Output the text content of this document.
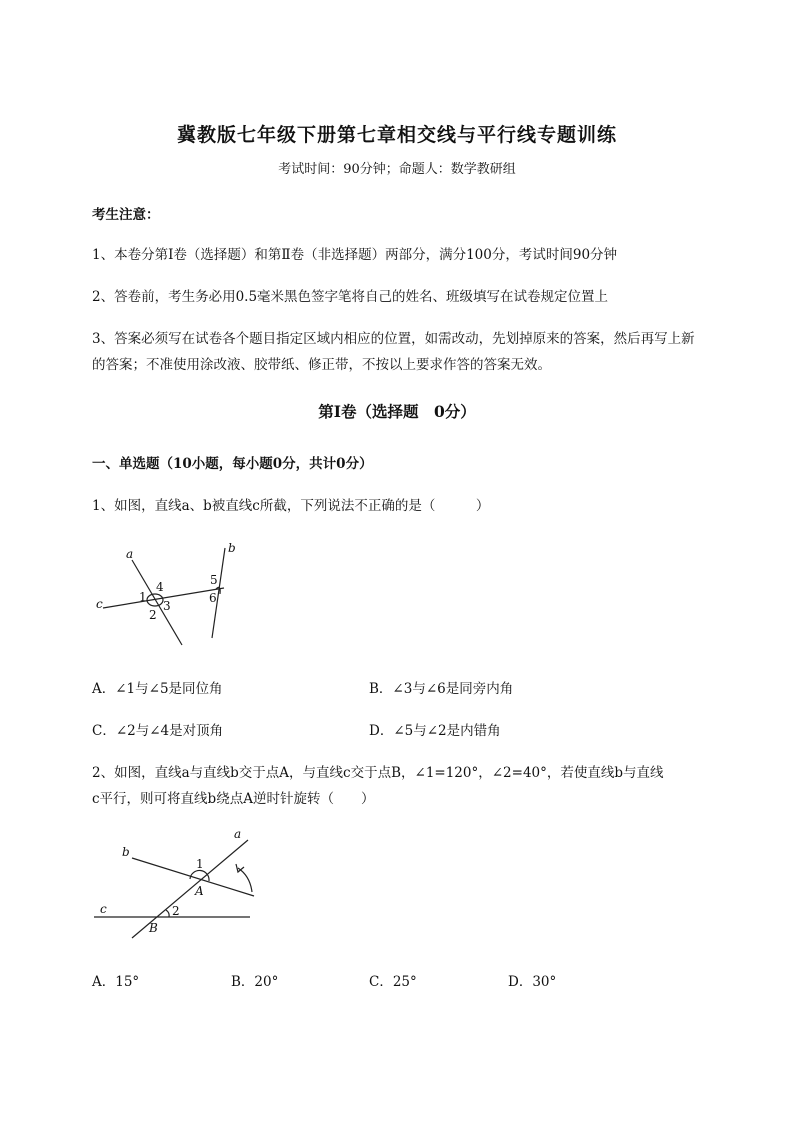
冀教版七年级下册第七章相交线与平行线专题训练
考试时间：90分钟；命题人：数学教研组
考生注意：
1、本卷分第Ⅰ卷（选择题）和第Ⅱ卷（非选择题）两部分，满分100分，考试时间90分钟
2、答卷前，考生务必用0.5毫米黑色签字笔将自己的姓名、班级填写在试卷规定位置上
3、答案必须写在试卷各个题目指定区域内相应的位置，如需改动，先划掉原来的答案，然后再写上新
的答案；不准使用涂改液、胶带纸、修正带，不按以上要求作答的答案无效。
第Ⅰ卷（选择题　0分）
一、单选题（10小题，每小题0分，共计0分）
1、如图，直线a、b被直线c所截，下列说法不正确的是（　　　）
a	b
c	1
2
3
4	5
6
A．∠1与∠5是同位角	B．∠3与∠6是同旁内角
C．∠2与∠4是对顶角	D．∠5与∠2是内错角
2、如图，直线a与直线b交于点A，与直线c交于点B，∠1=120°，∠2=40°，若使直线b与直线
c平行，则可将直线b绕点A逆时针旋转（　　）
a
b
c
1
2
A
B
A．15°	B．20°	C．25°	D．30°
